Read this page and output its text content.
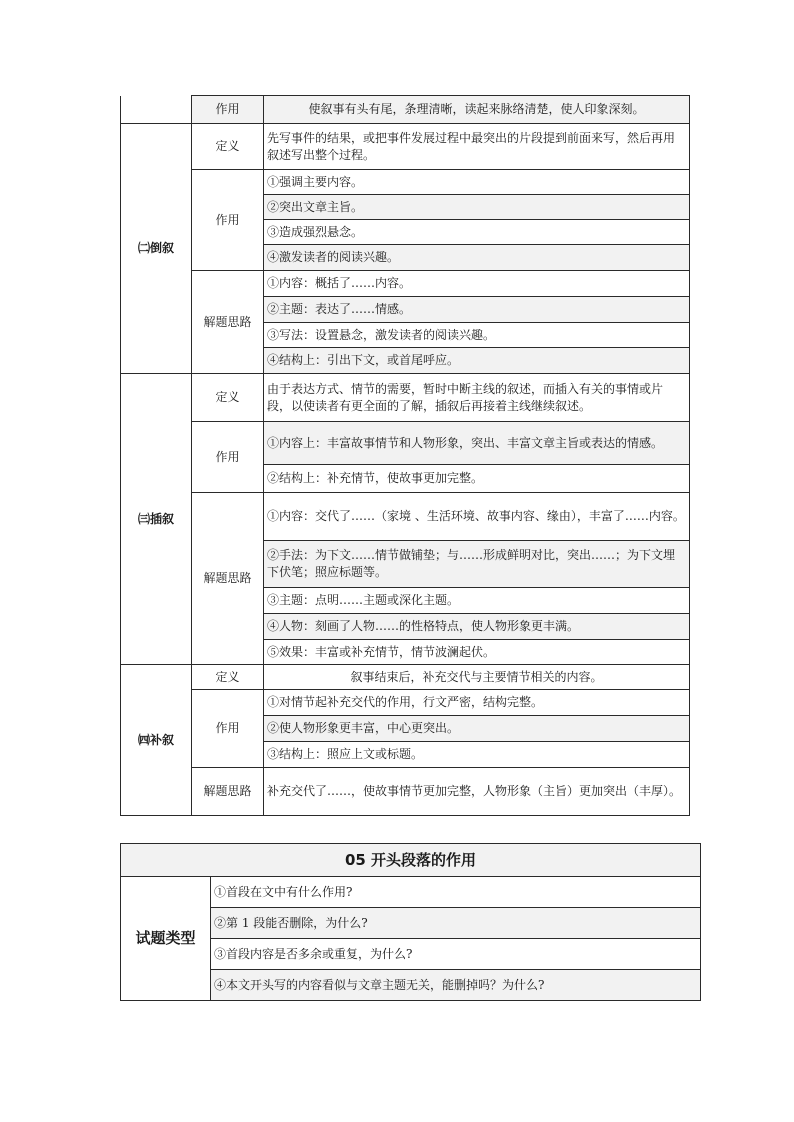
	作用	使叙事有头有尾，条理清晰，读起来脉络清楚，使人印象深刻。
㈡倒叙	定义	先写事件的结果，或把事件发展过程中最突出的片段提到前面来写，然后再用叙述写出整个过程。
	作用	①强调主要内容。
		②突出文章主旨。
		③造成强烈悬念。
		④激发读者的阅读兴趣。
	解题思路	①内容：概括了……内容。
		②主题：表达了……情感。
		③写法：设置悬念，激发读者的阅读兴趣。
		④结构上：引出下文，或首尾呼应。
㈢插叙	定义	由于表达方式、情节的需要，暂时中断主线的叙述，而插入有关的事情或片段，以使读者有更全面的了解，插叙后再接着主线继续叙述。
	作用	①内容上：丰富故事情节和人物形象，突出、丰富文章主旨或表达的情感。
		②结构上：补充情节，使故事更加完整。
	解题思路	①内容：交代了……（家境 、生活环境、故事内容、缘由），丰富了……内容。
		②手法：为下文……情节做铺垫；与……形成鲜明对比，突出……；为下文埋下伏笔；照应标题等。
		③主题：点明……主题或深化主题。
		④人物：刻画了人物……的性格特点，使人物形象更丰满。
		⑤效果：丰富或补充情节，情节波澜起伏。
㈣补叙	定义	叙事结束后，补充交代与主要情节相关的内容。
	作用	①对情节起补充交代的作用，行文严密，结构完整。
		②使人物形象更丰富，中心更突出。
		③结构上：照应上文或标题。
	解题思路	补充交代了……，使故事情节更加完整，人物形象（主旨）更加突出（丰厚）。
05 开头段落的作用
试题类型	①首段在文中有什么作用?
②第 1 段能否删除，为什么?
③首段内容是否多余或重复，为什么?
④本文开头写的内容看似与文章主题无关，能删掉吗？为什么?
